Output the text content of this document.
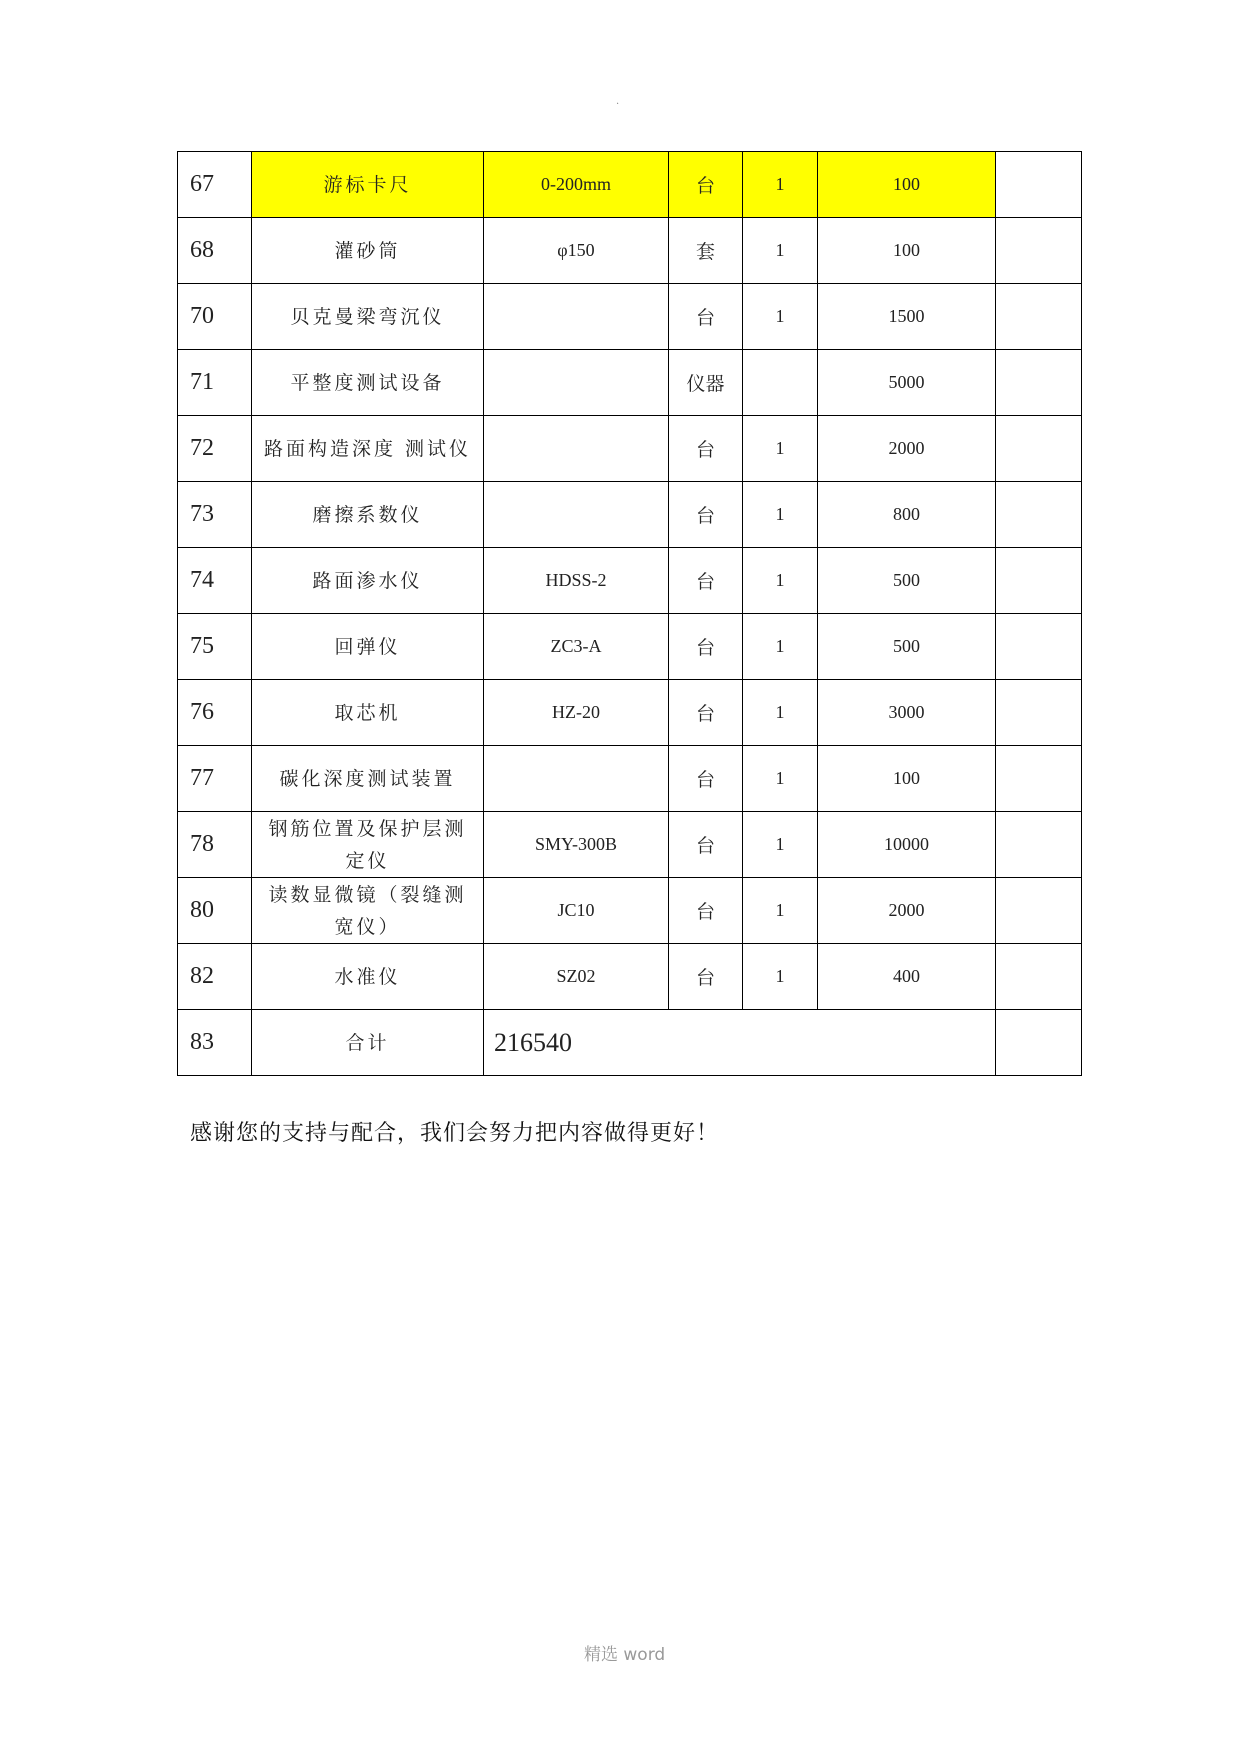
.
67	游标卡尺	0-200mm	台	1	100	
68	灌砂筒	φ150	套	1	100	
70	贝克曼梁弯沉仪		台	1	1500	
71	平整度测试设备		仪器		5000	
72	路面构造深度 测试仪		台	1	2000	
73	磨擦系数仪		台	1	800	
74	路面渗水仪	HDSS-2	台	1	500	
75	回弹仪	ZC3-A	台	1	500	
76	取芯机	HZ-20	台	1	3000	
77	碳化深度测试装置		台	1	100	
78	钢筋位置及保护层测定仪	SMY-300B	台	1	10000	
80	读数显微镜（裂缝测宽仪）	JC10	台	1	2000	
82	水准仪	SZ02	台	1	400	
83	合计	216540				
感谢您的支持与配合，我们会努力把内容做得更好！
精选 word
